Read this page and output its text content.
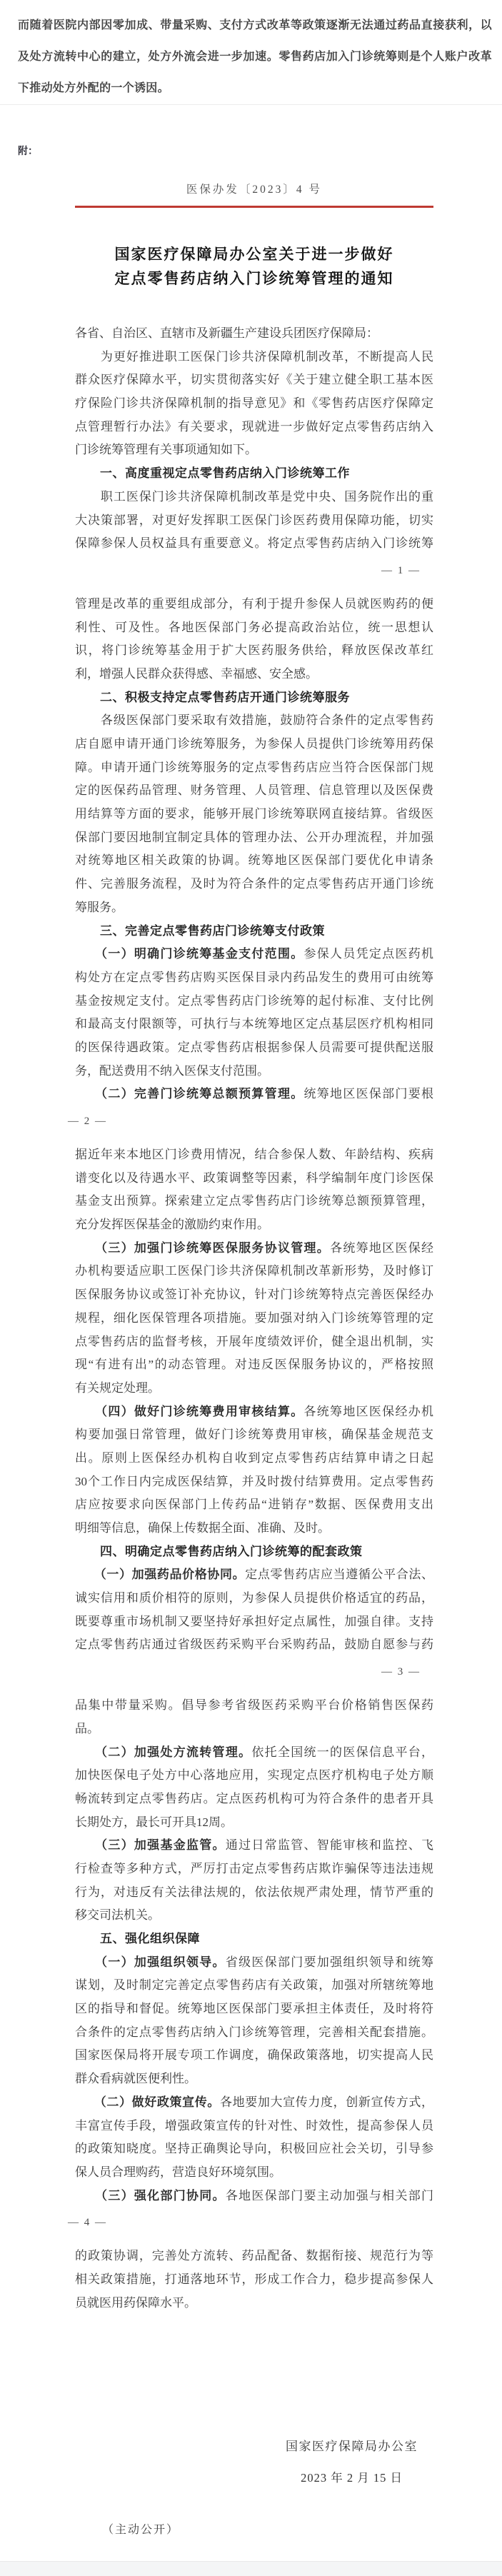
而随着医院内部因零加成、带量采购、支付方式改革等政策逐渐无法通过药品直接获利，以及处方流转中心的建立，处方外流会进一步加速。零售药店加入门诊统筹则是个人账户改革下推动处方外配的一个诱因。
附：
医保办发〔2023〕4 号
国家医疗保障局办公室关于进一步做好
定点零售药店纳入门诊统筹管理的通知
各省、自治区、直辖市及新疆生产建设兵团医疗保障局：
　　为更好推进职工医保门诊共济保障机制改革，不断提高人民
群众医疗保障水平，切实贯彻落实好《关于建立健全职工基本医
疗保险门诊共济保障机制的指导意见》和《零售药店医疗保障定
点管理暂行办法》有关要求，现就进一步做好定点零售药店纳入
门诊统筹管理有关事项通知如下。
一、高度重视定点零售药店纳入门诊统筹工作
　　职工医保门诊共济保障机制改革是党中央、国务院作出的重
大决策部署，对更好发挥职工医保门诊医药费用保障功能，切实
保障参保人员权益具有重要意义。将定点零售药店纳入门诊统筹
— 1 —
管理是改革的重要组成部分，有利于提升参保人员就医购药的便
利性、可及性。各地医保部门务必提高政治站位，统一思想认
识，将门诊统筹基金用于扩大医药服务供给，释放医保改革红
利，增强人民群众获得感、幸福感、安全感。
二、积极支持定点零售药店开通门诊统筹服务
　　各级医保部门要采取有效措施，鼓励符合条件的定点零售药
店自愿申请开通门诊统筹服务，为参保人员提供门诊统筹用药保
障。申请开通门诊统筹服务的定点零售药店应当符合医保部门规
定的医保药品管理、财务管理、人员管理、信息管理以及医保费
用结算等方面的要求，能够开展门诊统筹联网直接结算。省级医
保部门要因地制宜制定具体的管理办法、公开办理流程，并加强
对统筹地区相关政策的协调。统筹地区医保部门要优化申请条
件、完善服务流程，及时为符合条件的定点零售药店开通门诊统
筹服务。
三、完善定点零售药店门诊统筹支付政策
　　（一）明确门诊统筹基金支付范围。参保人员凭定点医药机
构处方在定点零售药店购买医保目录内药品发生的费用可由统筹
基金按规定支付。定点零售药店门诊统筹的起付标准、支付比例
和最高支付限额等，可执行与本统筹地区定点基层医疗机构相同
的医保待遇政策。定点零售药店根据参保人员需要可提供配送服
务，配送费用不纳入医保支付范围。
　　（二）完善门诊统筹总额预算管理。统筹地区医保部门要根
— 2 —
据近年来本地区门诊费用情况，结合参保人数、年龄结构、疾病
谱变化以及待遇水平、政策调整等因素，科学编制年度门诊医保
基金支出预算。探索建立定点零售药店门诊统筹总额预算管理，
充分发挥医保基金的激励约束作用。
　　（三）加强门诊统筹医保服务协议管理。各统筹地区医保经
办机构要适应职工医保门诊共济保障机制改革新形势，及时修订
医保服务协议或签订补充协议，针对门诊统筹特点完善医保经办
规程，细化医保管理各项措施。要加强对纳入门诊统筹管理的定
点零售药店的监督考核，开展年度绩效评价，健全退出机制，实
现“有进有出”的动态管理。对违反医保服务协议的，严格按照
有关规定处理。
　　（四）做好门诊统筹费用审核结算。各统筹地区医保经办机
构要加强日常管理，做好门诊统筹费用审核，确保基金规范支
出。原则上医保经办机构自收到定点零售药店结算申请之日起
30个工作日内完成医保结算，并及时拨付结算费用。定点零售药
店应按要求向医保部门上传药品“进销存”数据、医保费用支出
明细等信息，确保上传数据全面、准确、及时。
四、明确定点零售药店纳入门诊统筹的配套政策
　　（一）加强药品价格协同。定点零售药店应当遵循公平合法、
诚实信用和质价相符的原则，为参保人员提供价格适宜的药品，
既要尊重市场机制又要坚持好承担好定点属性，加强自律。支持
定点零售药店通过省级医药采购平台采购药品，鼓励自愿参与药
— 3 —
品集中带量采购。倡导参考省级医药采购平台价格销售医保药
品。
　　（二）加强处方流转管理。依托全国统一的医保信息平台，
加快医保电子处方中心落地应用，实现定点医疗机构电子处方顺
畅流转到定点零售药店。定点医药机构可为符合条件的患者开具
长期处方，最长可开具12周。
　　（三）加强基金监管。通过日常监管、智能审核和监控、飞
行检查等多种方式，严厉打击定点零售药店欺诈骗保等违法违规
行为，对违反有关法律法规的，依法依规严肃处理，情节严重的
移交司法机关。
五、强化组织保障
　　（一）加强组织领导。省级医保部门要加强组织领导和统筹
谋划，及时制定完善定点零售药店有关政策，加强对所辖统筹地
区的指导和督促。统筹地区医保部门要承担主体责任，及时将符
合条件的定点零售药店纳入门诊统筹管理，完善相关配套措施。
国家医保局将开展专项工作调度，确保政策落地，切实提高人民
群众看病就医便利性。
　　（二）做好政策宣传。各地要加大宣传力度，创新宣传方式，
丰富宣传手段，增强政策宣传的针对性、时效性，提高参保人员
的政策知晓度。坚持正确舆论导向，积极回应社会关切，引导参
保人员合理购药，营造良好环境氛围。
　　（三）强化部门协同。各地医保部门要主动加强与相关部门
— 4 —
的政策协调，完善处方流转、药品配备、数据衔接、规范行为等
相关政策措施，打通落地环节，形成工作合力，稳步提高参保人
员就医用药保障水平。
国家医疗保障局办公室
2023 年 2 月 15 日
（主动公开）
